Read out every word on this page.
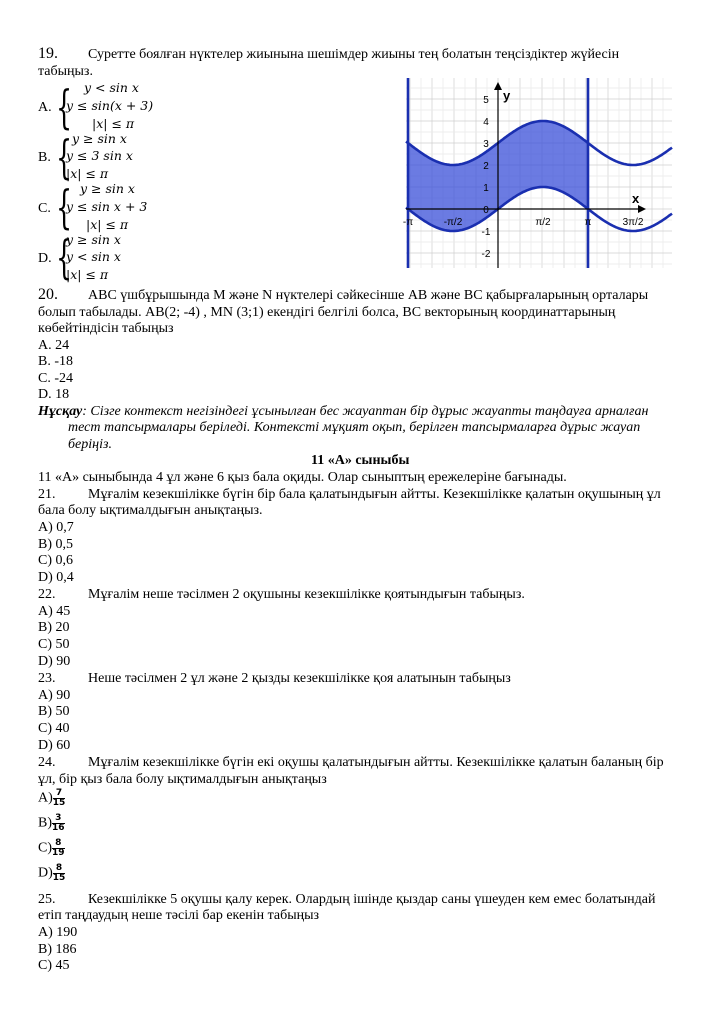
19. Суретте боялған нүктелер жиынына шешімдер жиыны тең болатын теңсіздіктер жүйесін
табыңыз.
A. { y < sin x
y ≤ sin(x + 3)
|x| ≤ π
B. { y ≥ sin x
y ≤ 3 sin x
|x| ≤ π
C. { y ≥ sin x
y ≤ sin x + 3
|x| ≤ π
D. {
y ≥ sin x
y < sin x
|x| ≤ π
y
x
5
4
3
2
1
0
-1
-2
-π	-π/2	π/2	π	3π/2
20. ABC үшбұрышында M және N нүктелері сәйкесінше AB және BC қабырғаларының орталары
болып табылады. AB(2; -4) , MN (3;1) екендігі белгілі болса, BC векторының координаттарының
көбейтіндісін табыңыз
A. 24
B. -18
C. -24
D. 18
Нұсқау: Сізге контекст негізіндегі ұсынылған бес жауаптан бір дұрыс жауапты таңдауға арналған
тест тапсырмалары беріледі. Контекстi мұқият оқып, берілген тапсырмаларға дұрыс жауап
беріңіз.
11 «А» сыныбы
11 «А» сыныбында 4 ұл және 6 қыз бала оқиды. Олар сыныптың ережелеріне бағынады.
21. Мұғалім кезекшілікке бүгін бір бала қалатындығын айтты. Кезекшілікке қалатын оқушының ұл
бала болу ықтималдығын анықтаңыз.
A) 0,7
B) 0,5
C) 0,6
D) 0,4
22. Мұғалім неше тәсілмен 2 оқушыны кезекшілікке қоятындығын табыңыз.
A) 45
B) 20
C) 50
D) 90
23. Неше тәсілмен 2 ұл және 2 қызды кезекшілікке қоя алатынын табыңыз
A) 90
B) 50
C) 40
D) 60
24. Мұғалім кезекшілікке бүгін екі оқушы қалатындығын айтты. Кезекшілікке қалатын баланың бір
ұл, бір қыз бала болу ықтималдығын анықтаңыз
$A) \frac{7}{15}$
$B) \frac{3}{16}$
$C) \frac{8}{19}$
$D) \frac{8}{15}$
25. Кезекшілікке 5 оқушы қалу керек. Олардың ішінде қыздар саны үшеуден кем емес болатындай
етіп таңдаудың неше тәсілі бар екенін табыңыз
A) 190
B) 186
C) 45
